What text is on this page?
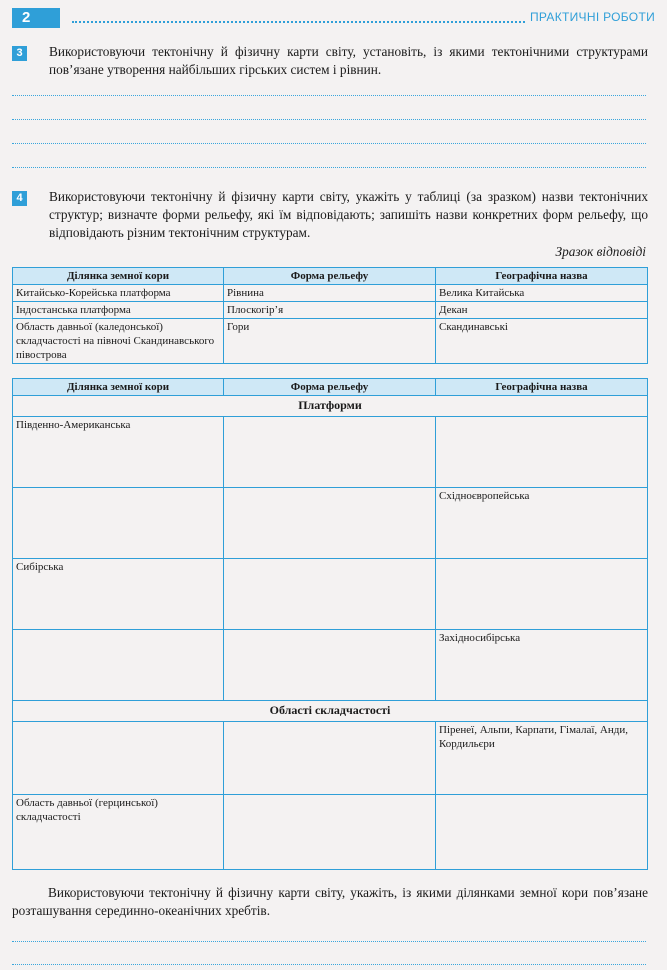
2	ПРАКТИЧНІ РОБОТИ
3	Використовуючи тектонічну й фізичну карти світу, установіть, із якими тектонічними структурами пов’язане утворення найбільших гірських систем і рівнин.
4	Використовуючи тектонічну й фізичну карти світу, укажіть у таблиці (за зразком) назви тектонічних структур; визначте форми рельефу, які їм відповідають; запишіть назви конкретних форм рельефу, що відповідають різним тектонічним структурам.
Зразок відповіді
Ділянка земної кори	Форма рельефу	Географічна назва
Китайсько-Корейська платформа	Рівнина	Велика Китайська
Індостанська платформа	Плоскогір’я	Декан
Область давньої (каледонської) складчастості на півночі Скандинавського півострова	Гори	Скандинавські
Ділянка земної кори	Форма рельефу	Географічна назва
Платформи		
Південно-Американська		
		Східноєвропейська
Сибірська		
		Західносибірська
Області складчастості		
		Піренеї, Альпи, Карпати, Гімалаї, Анди, Кордильєри
Область давньої (герцинської) складчастості		
Використовуючи тектонічну й фізичну карти світу, укажіть, із якими ділянками земної кори пов’язане розташування серединно-океанічних хребтів.
